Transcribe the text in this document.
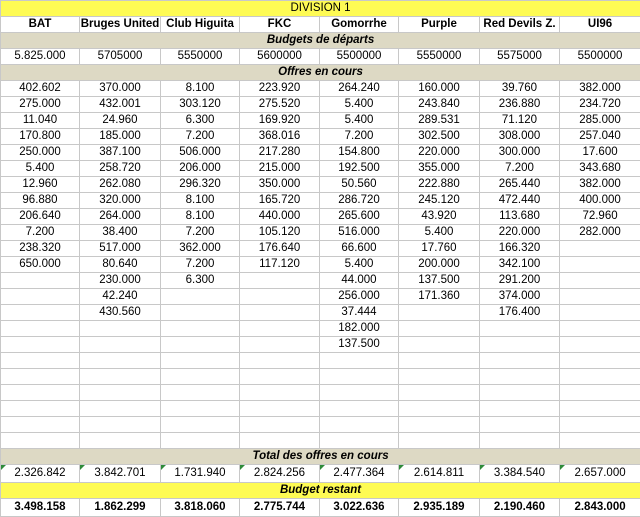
DIVISION 1							
BAT	Bruges United	Club Higuita	FKC	Gomorrhe	Purple	Red Devils Z.	UI96
Budgets de départs							
5.825.000	5705000	5550000	5600000	5500000	5550000	5575000	5500000
Offres en cours							
402.602	370.000	8.100	223.920	264.240	160.000	39.760	382.000
275.000	432.001	303.120	275.520	5.400	243.840	236.880	234.720
11.040	24.960	6.300	169.920	5.400	289.531	71.120	285.000
170.800	185.000	7.200	368.016	7.200	302.500	308.000	257.040
250.000	387.100	506.000	217.280	154.800	220.000	300.000	17.600
5.400	258.720	206.000	215.000	192.500	355.000	7.200	343.680
12.960	262.080	296.320	350.000	50.560	222.880	265.440	382.000
96.880	320.000	8.100	165.720	286.720	245.120	472.440	400.000
206.640	264.000	8.100	440.000	265.600	43.920	113.680	72.960
7.200	38.400	7.200	105.120	516.000	5.400	220.000	282.000
238.320	517.000	362.000	176.640	66.600	17.760	166.320	
650.000	80.640	7.200	117.120	5.400	200.000	342.100	
	230.000	6.300		44.000	137.500	291.200	
	42.240			256.000	171.360	374.000	
	430.560			37.444		176.400	
				182.000			
				137.500			

Total des offres en cours							
2.326.842	3.842.701	1.731.940	2.824.256	2.477.364	2.614.811	3.384.540	2.657.000
Budget restant							
3.498.158	1.862.299	3.818.060	2.775.744	3.022.636	2.935.189	2.190.460	2.843.000
